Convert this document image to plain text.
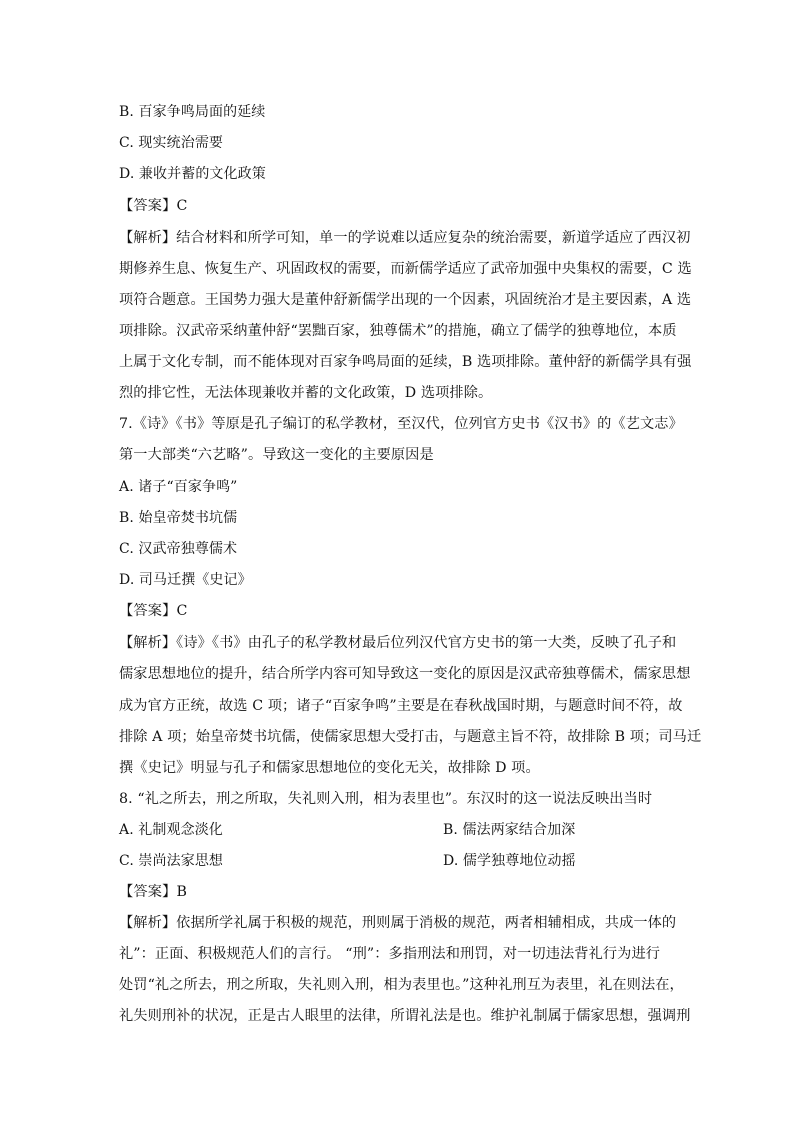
B. 百家争鸣局面的延续
C. 现实统治需要
D. 兼收并蓄的文化政策
【答案】C
【解析】结合材料和所学可知，单一的学说难以适应复杂的统治需要，新道学适应了西汉初
期修养生息、恢复生产、巩固政权的需要，而新儒学适应了武帝加强中央集权的需要，C 选
项符合题意。王国势力强大是董仲舒新儒学出现的一个因素，巩固统治才是主要因素，A 选
项排除。汉武帝采纳董仲舒“罢黜百家，独尊儒术”的措施，确立了儒学的独尊地位，本质
上属于文化专制，而不能体现对百家争鸣局面的延续，B 选项排除。董仲舒的新儒学具有强
烈的排它性，无法体现兼收并蓄的文化政策，D 选项排除。
7.《诗》《书》等原是孔子编订的私学教材，至汉代，位列官方史书《汉书》的《艺文志》
第一大部类“六艺略”。导致这一变化的主要原因是
A. 诸子“百家争鸣”
B. 始皇帝焚书坑儒
C. 汉武帝独尊儒术
D. 司马迁撰《史记》
【答案】C
【解析】《诗》《书》由孔子的私学教材最后位列汉代官方史书的第一大类，反映了孔子和
儒家思想地位的提升，结合所学内容可知导致这一变化的原因是汉武帝独尊儒术，儒家思想
成为官方正统，故选 C 项；诸子“百家争鸣”主要是在春秋战国时期，与题意时间不符，故
排除 A 项；始皇帝焚书坑儒，使儒家思想大受打击，与题意主旨不符，故排除 B 项；司马迁
撰《史记》明显与孔子和儒家思想地位的变化无关，故排除 D 项。
8. “礼之所去，刑之所取，失礼则入刑，相为表里也”。东汉时的这一说法反映出当时
A. 礼制观念淡化	B. 儒法两家结合加深
C. 崇尚法家思想	D. 儒学独尊地位动摇
【答案】B
【解析】依据所学礼属于积极的规范，刑则属于消极的规范，两者相辅相成，共成一体的
礼”：正面、积极规范人们的言行。 “刑”：多指刑法和刑罚，对一切违法背礼行为进行
处罚“礼之所去，刑之所取，失礼则入刑，相为表里也。”这种礼刑互为表里，礼在则法在，
礼失则刑补的状况，正是古人眼里的法律，所谓礼法是也。维护礼制属于儒家思想，强调刑
